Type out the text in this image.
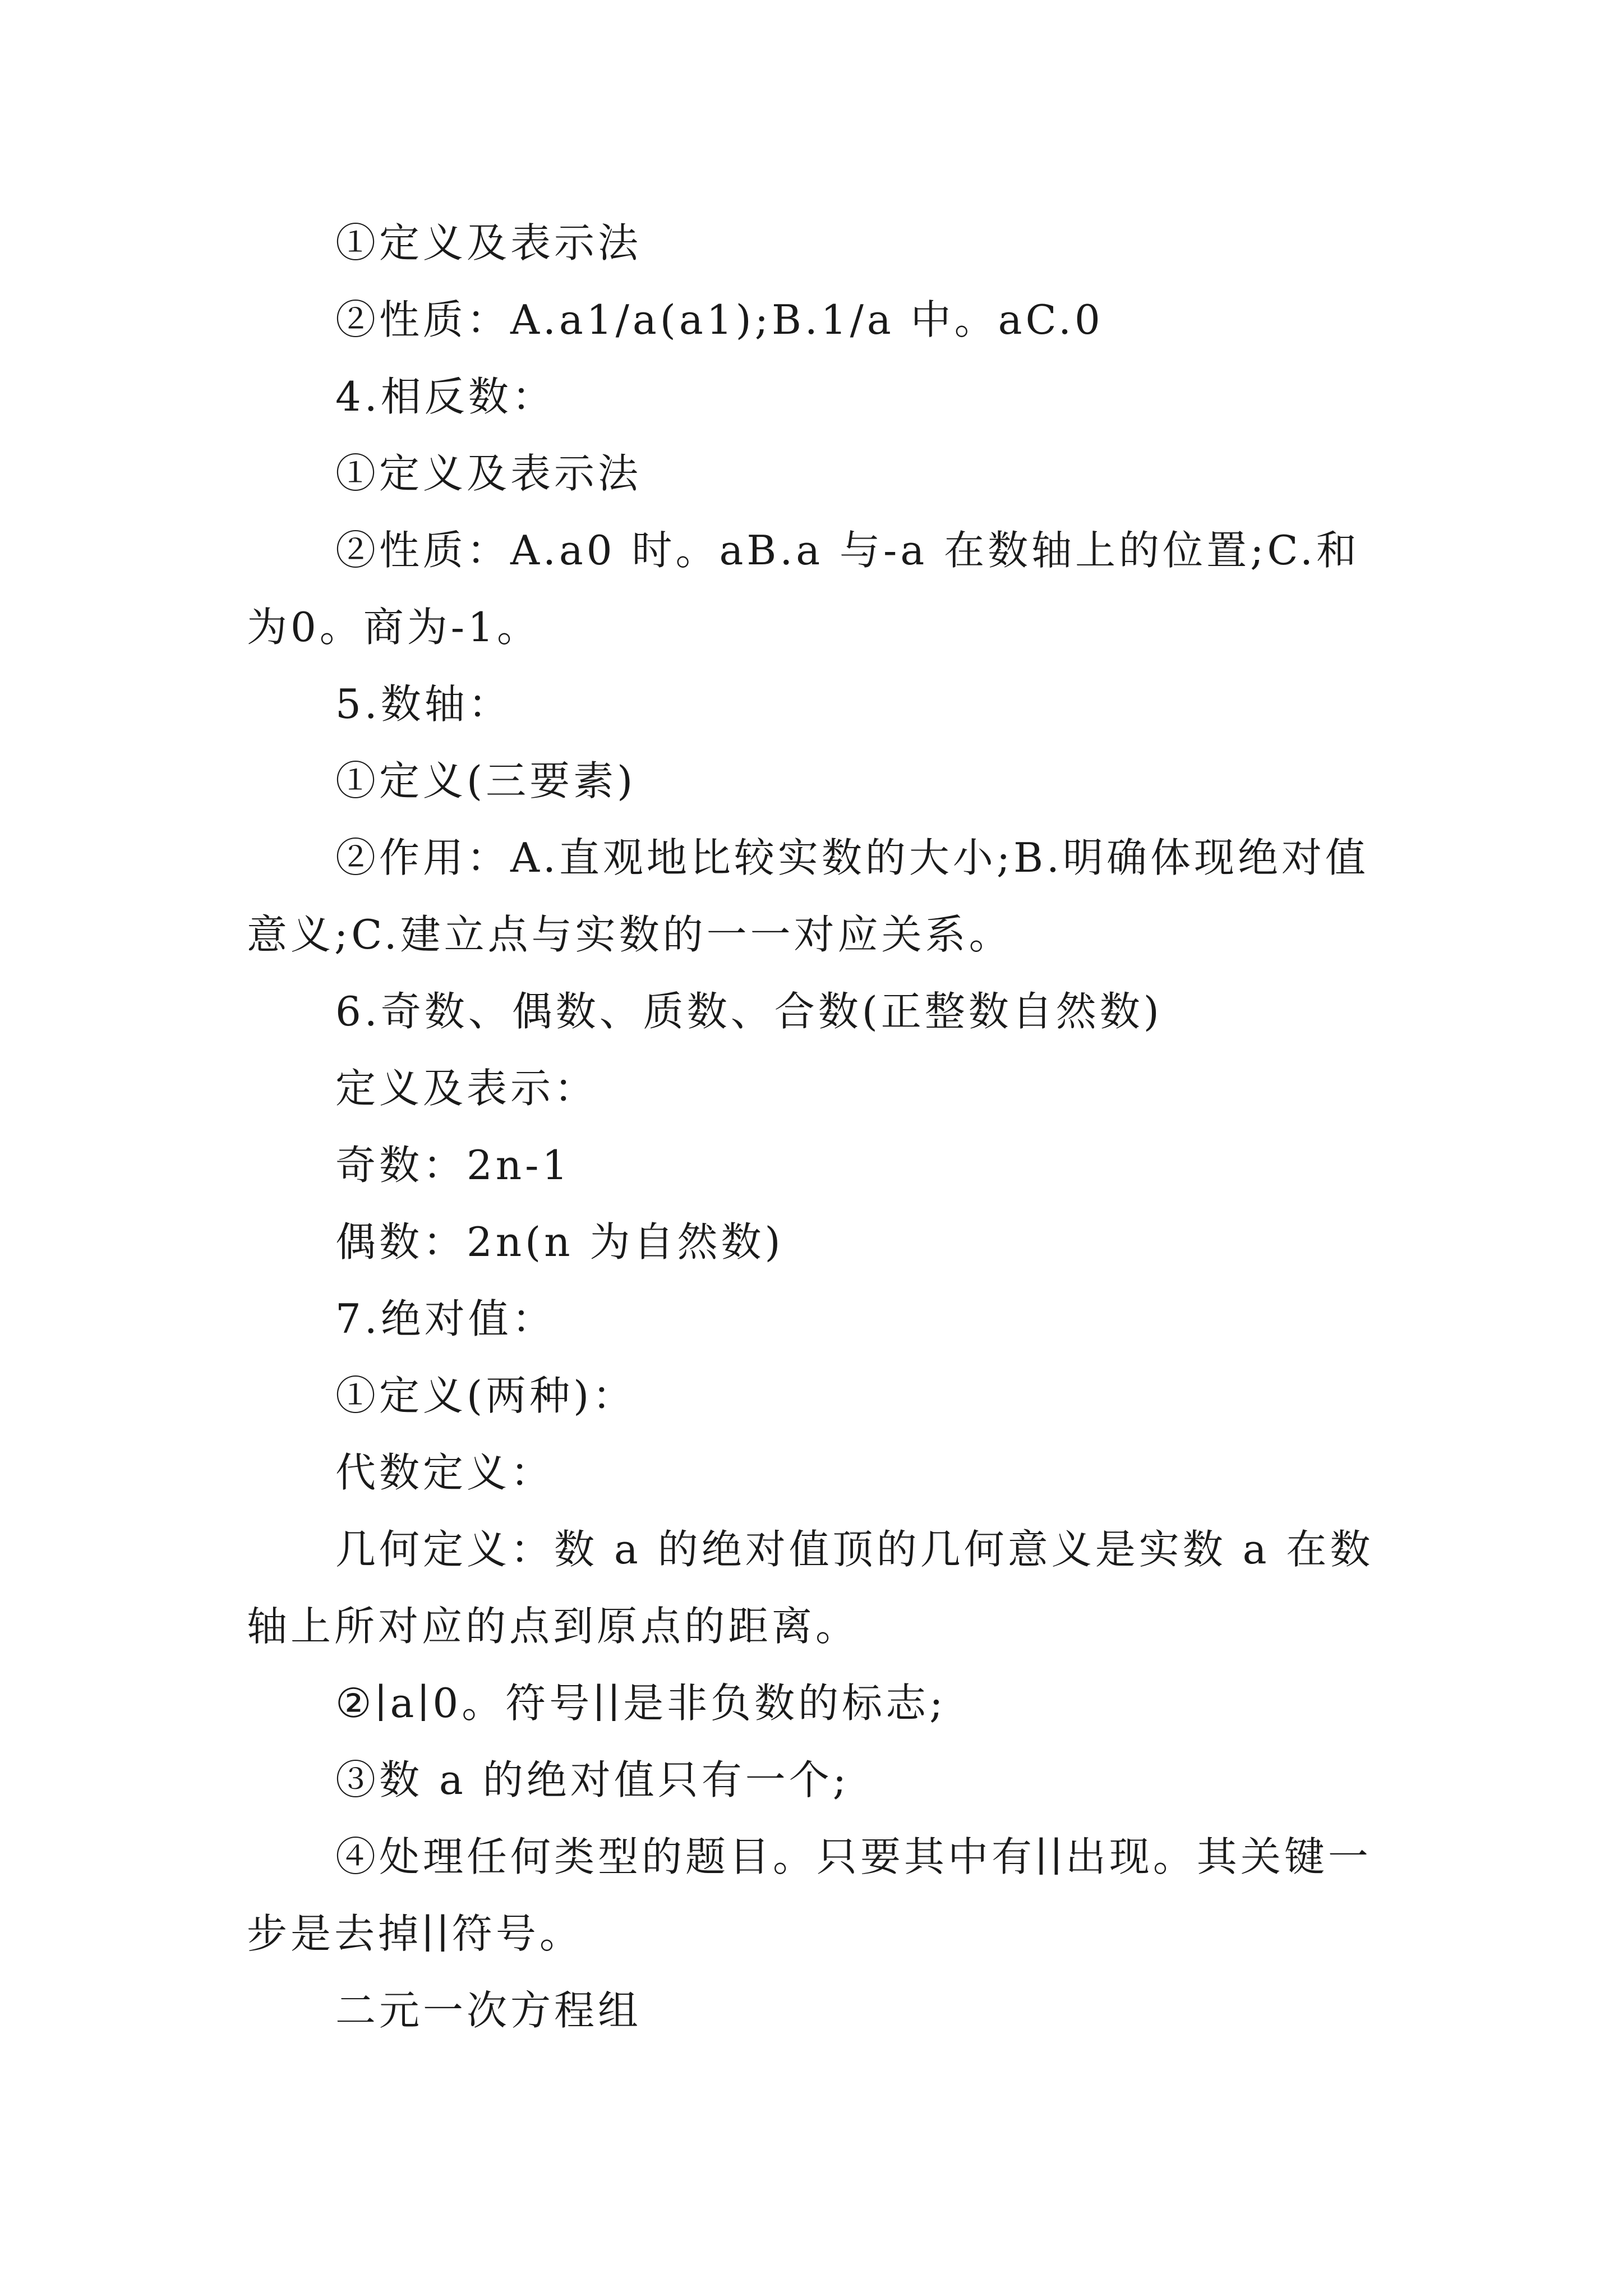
①定义及表示法

②性质：A.a1/a(a1);B.1/a 中。aC.0

4.相反数：

①定义及表示法

②性质：A.a0 时。aB.a 与-a 在数轴上的位置;C.和为0。商为-1。

5.数轴：

①定义(三要素)

②作用：A.直观地比较实数的大小;B.明确体现绝对值意义;C.建立点与实数的一一对应关系。

6.奇数、偶数、质数、合数(正整数自然数)

定义及表示：

奇数：2n-1

偶数：2n(n 为自然数)

7.绝对值：

①定义(两种)：

代数定义：

几何定义：数 a 的绝对值顶的几何意义是实数 a 在数轴上所对应的点到原点的距离。

②∣a∣0。符号∣∣是非负数的标志;

③数 a 的绝对值只有一个;

④处理任何类型的题目。只要其中有∣∣出现。其关键一步是去掉∣∣符号。

二元一次方程组
